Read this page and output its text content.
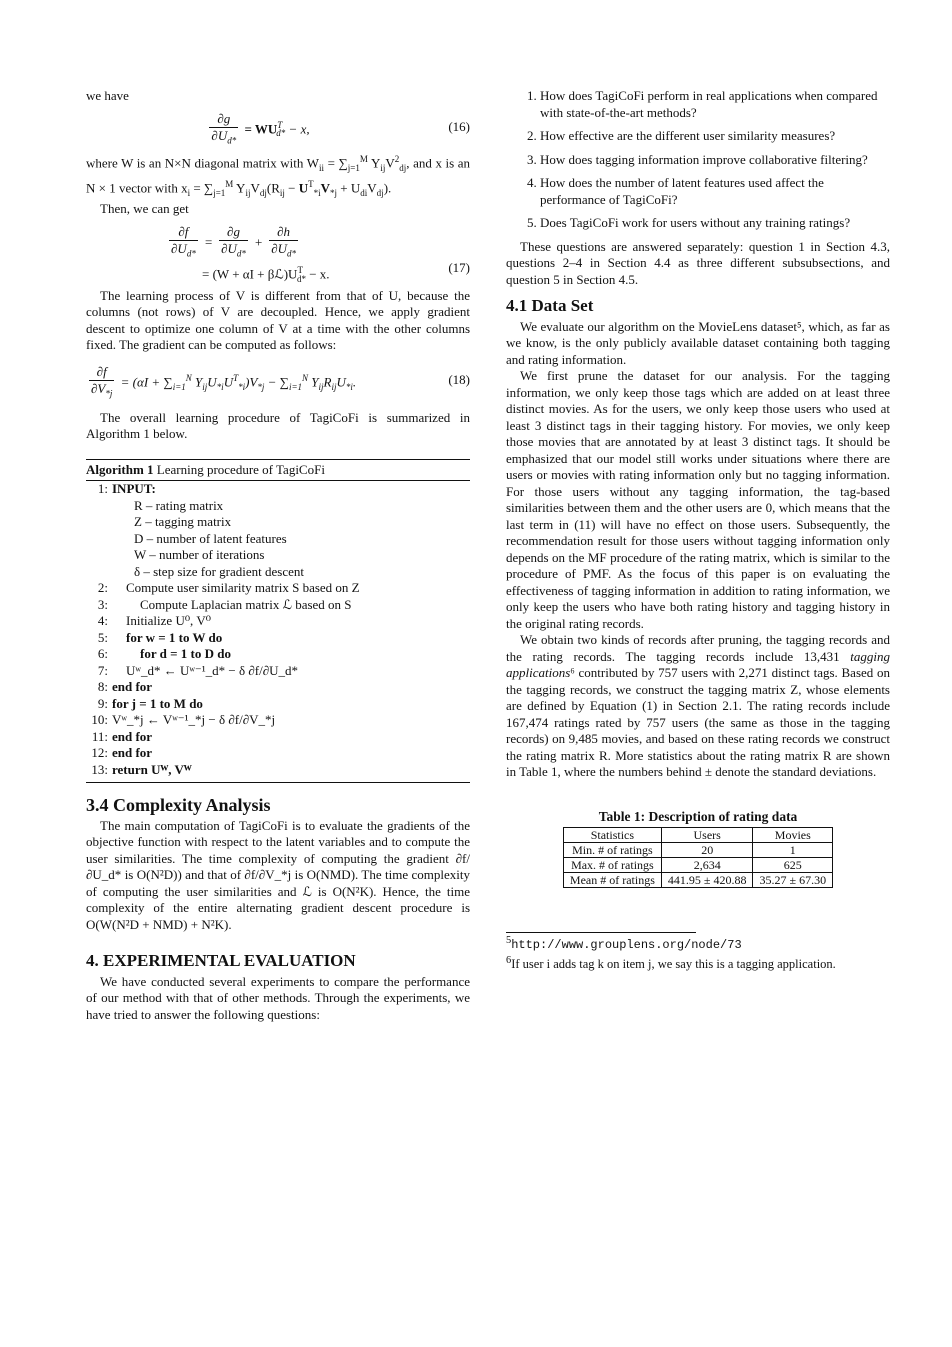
we have

$\frac{\partial g}{\partial U_{d*}} = WU^T_{d*} - x$,	(16)

where W is an N×N diagonal matrix with $W_{ii} = \sum_{j=1}^M$ $Y_{ij}V^2_{dj}$, and x is an N × 1 vector with $x_i = \sum_{j=1}^M$ $Y_{ij}V_{dj}(R_{ij} - U^T_{*i}V_{*j} + U_{di}V_{dj})$.

Then, we can get

$\frac{\partial f}{\partial U_{d*}} = \frac{\partial g}{\partial U_{d*}} + \frac{\partial h}{\partial U_{d*}}$
= $(W + \alpha I + \beta ℒ)U^T_{d*} - x$.	(17)

The learning process of V is different from that of U, because the columns (not rows) of V are decoupled. Hence, we apply gradient descent to optimize one column of V at a time with the other columns fixed. The gradient can be computed as follows:

$\frac{\partial f}{\partial V_{*j}} = (\alpha I + \sum_{i=1}^N$ $Y_{ij}U_{*i}U^T_{*i})V_{*j} - \sum_{i=1}^N$ $Y_{ij}R_{ij}U_{*i}$.	(18)

The overall learning procedure of TagiCoFi is summarized in Algorithm 1 below.

Algorithm 1 Learning procedure of TagiCoFi
1: INPUT:
R – rating matrix
Z – tagging matrix
D – number of latent features
W – number of iterations
δ – step size for gradient descent
2:	Compute user similarity matrix S based on Z
3:	Compute Laplacian matrix ℒ based on S
4:	Initialize U⁰, V⁰
5:	for w = 1 to W do
6:	for d = 1 to D do
7:	Uʷ_d* ← Uʷ⁻¹_d* − δ ∂f/∂U_d*
8: end for
9: for j = 1 to M do
10: Vʷ_*j ← Vʷ⁻¹_*j − δ ∂f/∂V_*j
11: end for
12: end for
13: return Uᵂ, Vᵂ
3.4 Complexity Analysis

The main computation of TagiCoFi is to evaluate the gradients of the objective function with respect to the latent variables and to compute the user similarities. The time complexity of computing the gradient ∂f/∂U_d* is O(N²D)) and that of ∂f/∂V_*j is O(NMD). The time complexity of computing the user similarities and ℒ is O(N²K). Hence, the time complexity of the entire alternating gradient descent procedure is O(W(N²D + NMD) + N²K).

4. EXPERIMENTAL EVALUATION

We have conducted several experiments to compare the performance of our method with that of other methods. Through the experiments, we have tried to answer the following questions:

1. How does TagiCoFi perform in real applications when compared with state-of-the-art methods?
2. How effective are the different user similarity measures?
3. How does tagging information improve collaborative filtering?
4. How does the number of latent features used affect the performance of TagiCoFi?
5. Does TagiCoFi work for users without any training ratings?

These questions are answered separately: question 1 in Section 4.3, questions 2–4 in Section 4.4 as three different subsubsections, and question 5 in Section 4.5.

4.1 Data Set

We evaluate our algorithm on the MovieLens dataset⁵, which, as far as we know, is the only publicly available dataset containing both tagging and rating information.

We first prune the dataset for our analysis. For the tagging information, we only keep those tags which are added on at least three distinct movies. As for the users, we only keep those users who used at least 3 distinct tags in their tagging history. For movies, we only keep those movies that are annotated by at least 3 distinct tags. It should be emphasized that our model still works under situations where there are users or movies with rating information only but no tagging information. For those users without any tagging information, the tag-based similarities between them and the other users are 0, which means that the last term in (11) will have no effect on those users. Subsequently, the recommendation result for those users without tagging information only depends on the MF procedure of the rating matrix, which is similar to the procedure of PMF. As the focus of this paper is on evaluating the effectiveness of tagging information in addition to rating information, we only keep the users who have both rating history and tagging history in the original rating records.

We obtain two kinds of records after pruning, the tagging records and the rating records. The tagging records include 13,431 tagging applications⁶ contributed by 757 users with 2,271 distinct tags. Based on the tagging records, we construct the tagging matrix Z, whose elements are defined by Equation (1) in Section 2.1. The rating records include 167,474 ratings rated by 757 users (the same as those in the tagging records) on 9,485 movies, and based on these rating records we construct the rating matrix R. More statistics about the rating matrix R are shown in Table 1, where the numbers behind ± denote the standard deviations.

Table 1: Description of rating data
Statistics	Users	Movies
Min. # of ratings	20	1
Max. # of ratings	2,634	625
Mean # of ratings	441.95 ± 420.88	35.27 ± 67.30
$^5$http://www.grouplens.org/node/73
$^6$If user i adds tag k on item j, we say this is a tagging application.
